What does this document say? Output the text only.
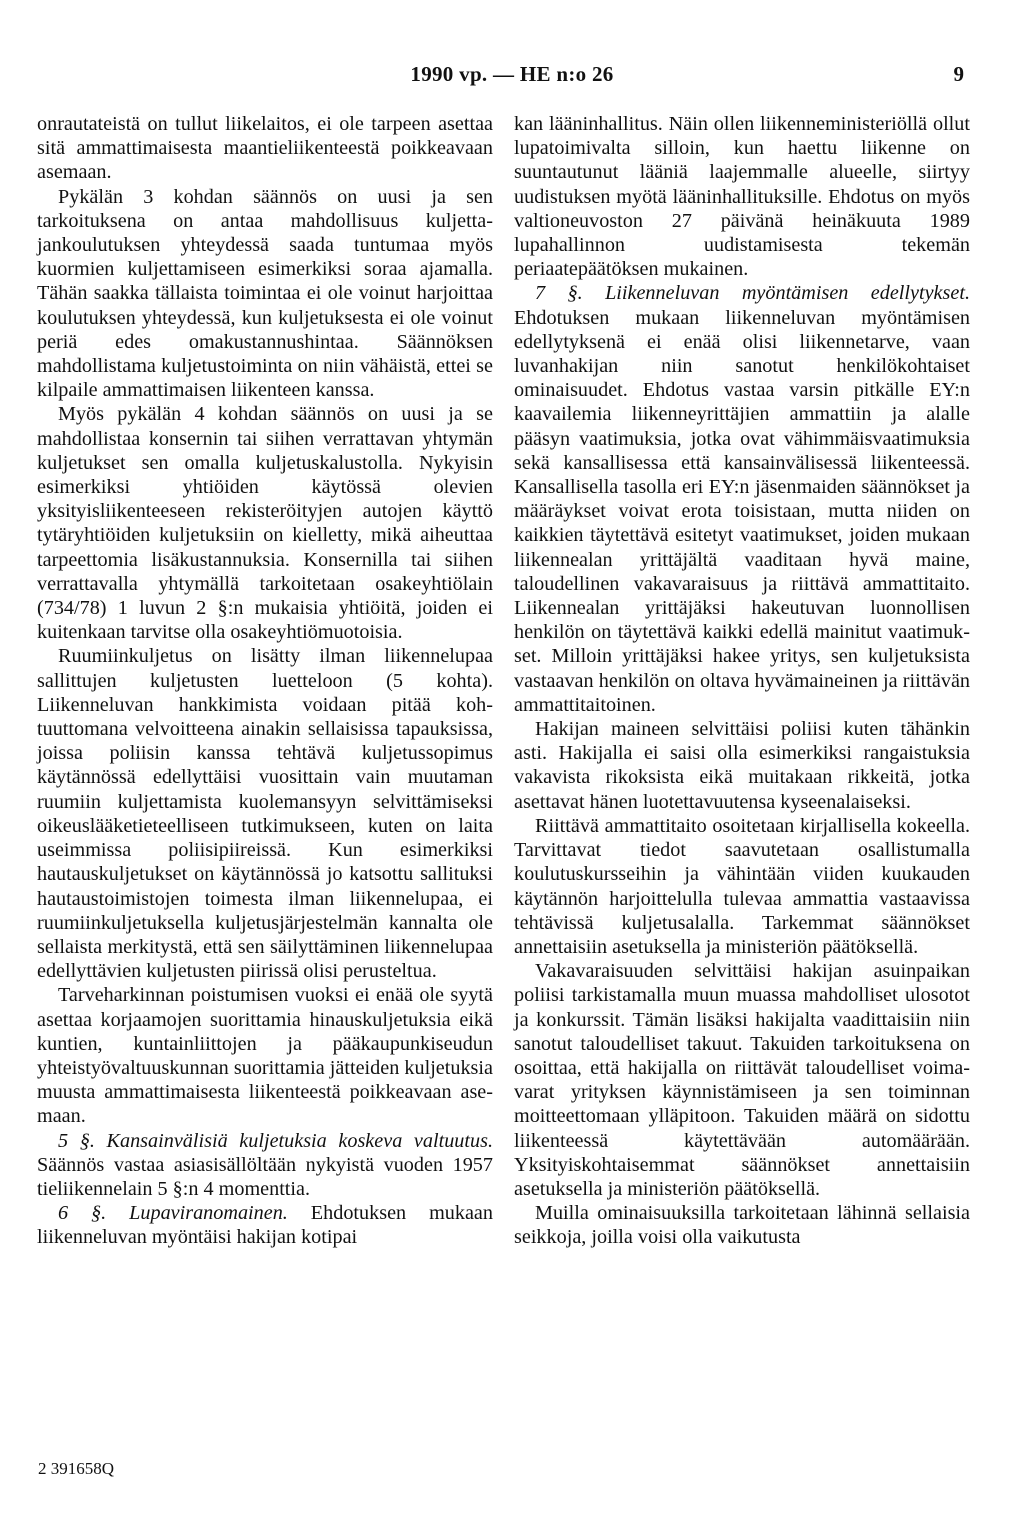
1990 vp. — HE n:o 26	9

onrautateistä on tullut liikelaitos, ei ole tarpeen asettaa sitä ammattimaisesta maantieliikenteestä poikkeavaan asemaan.

Pykälän 3 kohdan säännös on uusi ja sen tarkoituksena on antaa mahdollisuus kuljettajankoulutuksen yhteydessä saada tuntumaa myös kuormien kuljettamiseen esimerkiksi soraa ajamalla. Tähän saakka tällaista toimintaa ei ole voinut harjoittaa koulutuksen yhteydessä, kun kuljetuksesta ei ole voinut periä edes omakustannushintaa. Säännöksen mahdollistama kuljetustoiminta on niin vähäistä, ettei se kilpaile ammattimaisen liikenteen kanssa.

Myös pykälän 4 kohdan säännös on uusi ja se mahdollistaa konsernin tai siihen verrattavan yhtymän kuljetukset sen omalla kuljetuskalustolla. Nykyisin esimerkiksi yhtiöiden käytössä olevien yksityisliikenteeseen rekisteröityjen autojen käyttö tytäryhtiöiden kuljetuksiin on kielletty, mikä aiheuttaa tarpeettomia lisäkustannuksia. Konsernilla tai siihen verrattavalla yhtymällä tarkoitetaan osakeyhtiölain (734/78) 1 luvun 2 §:n mukaisia yhtiöitä, joiden ei kuitenkaan tarvitse olla osakeyhtiömuotoisia.

Ruumiinkuljetus on lisätty ilman liikennelupaa sallittujen kuljetusten luetteloon (5 kohta). Liikenneluvan hankkimista voidaan pitää kohtuuttomana velvoitteena ainakin sellaisissa tapauksissa, joissa poliisin kanssa tehtävä kuljetussopimus käytännössä edellyttäisi vuosittain vain muutaman ruumiin kuljettamista kuolemansyyn selvittämiseksi oikeuslääketieteelliseen tutkimukseen, kuten on laita useimmissa poliisipiireissä. Kun esimerkiksi hautauskuljetukset on käytännössä jo katsottu sallituksi hautaustoimistojen toimesta ilman liikennelupaa, ei ruumiinkuljetuksella kuljetusjärjestelmän kannalta ole sellaista merkitystä, että sen säilyttäminen liikennelupaa edellyttävien kuljetusten piirissä olisi perusteltua.

Tarveharkinnan poistumisen vuoksi ei enää ole syytä asettaa korjaamojen suorittamia hinauskuljetuksia eikä kuntien, kuntainliittojen ja pääkaupunkiseudun yhteistyövaltuuskunnan suorittamia jätteiden kuljetuksia muusta ammattimaisesta liikenteestä poikkeavaan asemaan.

5 §. Kansainvälisiä kuljetuksia koskeva valtuutus. Säännös vastaa asiasisällöltään nykyistä vuoden 1957 tieliikennelain 5 §:n 4 momenttia.

6 §. Lupaviranomainen. Ehdotuksen mukaan liikenneluvan myöntäisi hakijan kotipai

kan lääninhallitus. Näin ollen liikenneministeriöllä ollut lupatoimivalta silloin, kun haettu liikenne on suuntautunut lääniä laajemmalle alueelle, siirtyy uudistuksen myötä lääninhallituksille. Ehdotus on myös valtioneuvoston 27 päivänä heinäkuuta 1989 lupahallinnon uudistamisesta tekemän periaatepäätöksen mukainen.

7 §. Liikenneluvan myöntämisen edellytykset. Ehdotuksen mukaan liikenneluvan myöntämisen edellytyksenä ei enää olisi liikennetarve, vaan luvanhakijan niin sanotut henkilökohtaiset ominaisuudet. Ehdotus vastaa varsin pitkälle EY:n kaavailemia liikenneyrittäjien ammattiin ja alalle pääsyn vaatimuksia, jotka ovat vähimmäisvaatimuksia sekä kansallisessa että kansainvälisessä liikenteessä. Kansallisella tasolla eri EY:n jäsenmaiden säännökset ja määräykset voivat erota toisistaan, mutta niiden on kaikkien täytettävä esitetyt vaatimukset, joiden mukaan liikennealan yrittäjältä vaaditaan hyvä maine, taloudellinen vakavaraisuus ja riittävä ammattitaito. Liikennealan yrittäjäksi hakeutuvan luonnollisen henkilön on täytettävä kaikki edellä mainitut vaatimukset. Milloin yrittäjäksi hakee yritys, sen kuljetuksista vastaavan henkilön on oltava hyvämaineinen ja riittävän ammattitaitoinen.

Hakijan maineen selvittäisi poliisi kuten tähänkin asti. Hakijalla ei saisi olla esimerkiksi rangaistuksia vakavista rikoksista eikä muitakaan rikkeitä, jotka asettavat hänen luotettavuutensa kyseenalaiseksi.

Riittävä ammattitaito osoitetaan kirjallisella kokeella. Tarvittavat tiedot saavutetaan osallistumalla koulutuskursseihin ja vähintään viiden kuukauden käytännön harjoittelulla tulevaa ammattia vastaavissa tehtävissä kuljetusalalla. Tarkemmat säännökset annettaisiin asetuksella ja ministeriön päätöksellä.

Vakavaraisuuden selvittäisi hakijan asuinpaikan poliisi tarkistamalla muun muassa mahdolliset ulosotot ja konkurssit. Tämän lisäksi hakijalta vaadittaisiin niin sanotut taloudelliset takuut. Takuiden tarkoituksena on osoittaa, että hakijalla on riittävät taloudelliset voimavarat yrityksen käynnistämiseen ja sen toiminnan moitteettomaan ylläpitoon. Takuiden määrä on sidottu liikenteessä käytettävään automäärään. Yksityiskohtaisemmat säännökset annettaisiin asetuksella ja ministeriön päätöksellä.

Muilla ominaisuuksilla tarkoitetaan lähinnä sellaisia seikkoja, joilla voisi olla vaikutusta

2 391658Q
